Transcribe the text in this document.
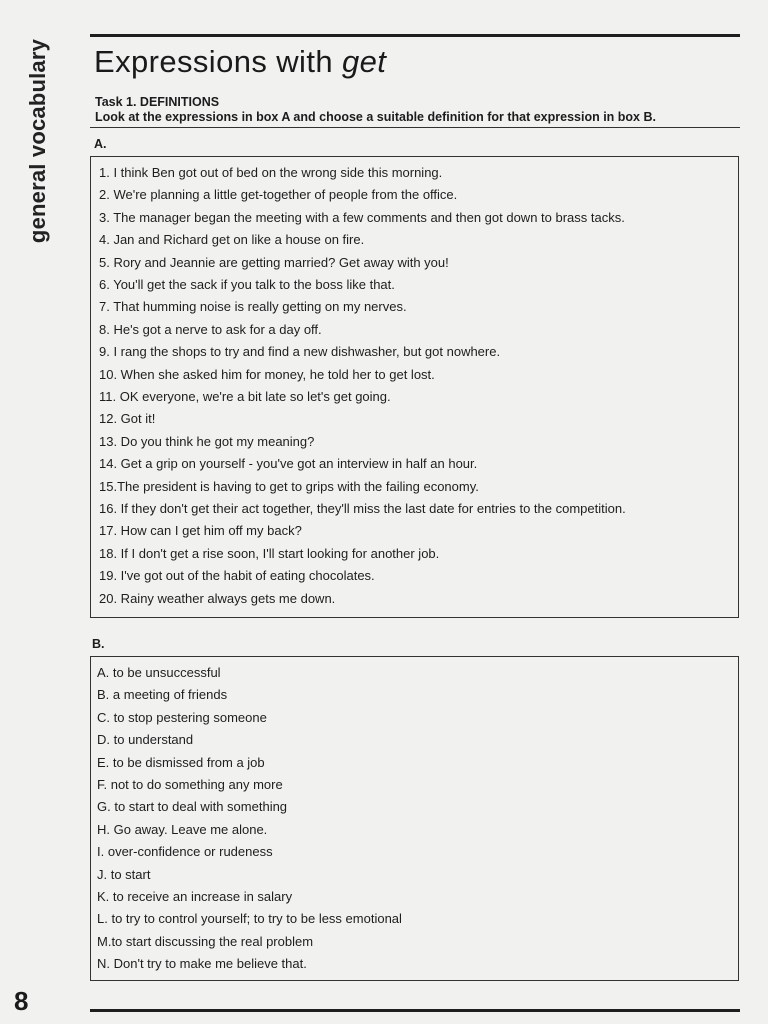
general vocabulary Expressions with get
Task 1. DEFINITIONS
Look at the expressions in box A and choose a suitable definition for that expression in box B.
A.
1. I think Ben got out of bed on the wrong side this morning.
2. We're planning a little get-together of people from the office.
3. The manager began the meeting with a few comments and then got down to brass tacks.
4. Jan and Richard get on like a house on fire.
5. Rory and Jeannie are getting married? Get away with you!
6. You'll get the sack if you talk to the boss like that.
7. That humming noise is really getting on my nerves.
8. He's got a nerve to ask for a day off.
9. I rang the shops to try and find a new dishwasher, but got nowhere.
10. When she asked him for money, he told her to get lost.
11. OK everyone, we're a bit late so let's get going.
12. Got it!
13. Do you think he got my meaning?
14. Get a grip on yourself - you've got an interview in half an hour.
15.The president is having to get to grips with the failing economy.
16. If they don't get their act together, they'll miss the last date for entries to the competition.
17. How can I get him off my back?
18. If I don't get a rise soon, I'll start looking for another job.
19. I've got out of the habit of eating chocolates.
20. Rainy weather always gets me down.
B.
A. to be unsuccessful
B. a meeting of friends
C. to stop pestering someone
D. to understand
E. to be dismissed from a job
F. not to do something any more
G. to start to deal with something
H. Go away. Leave me alone.
I. over-confidence or rudeness
J. to start
K. to receive an increase in salary
L. to try to control yourself; to try to be less emotional
M.to start discussing the real problem
N. Don't try to make me believe that.
8
